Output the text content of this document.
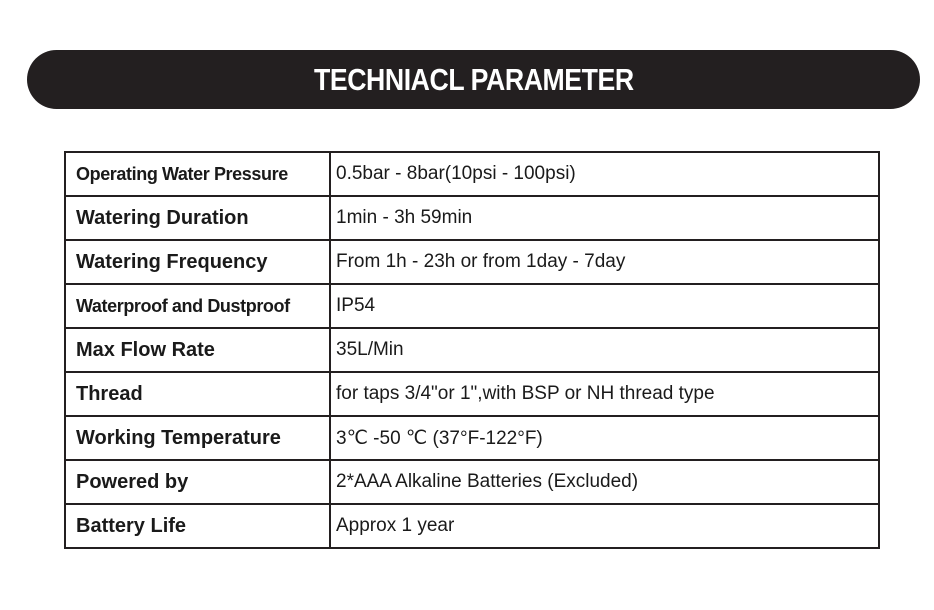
TECHNIACL PARAMETER
Operating Water Pressure	0.5bar - 8bar(10psi - 100psi)
Watering Duration	1min - 3h 59min
Watering Frequency	From 1h - 23h or from 1day - 7day
Waterproof and Dustproof	IP54
Max Flow Rate	35L/Min
Thread	for taps 3/4"or 1",with BSP or NH thread type
Working Temperature	3℃ -50 ℃ (37°F-122°F)
Powered by	2*AAA Alkaline Batteries (Excluded)
Battery Life	Approx 1 year
